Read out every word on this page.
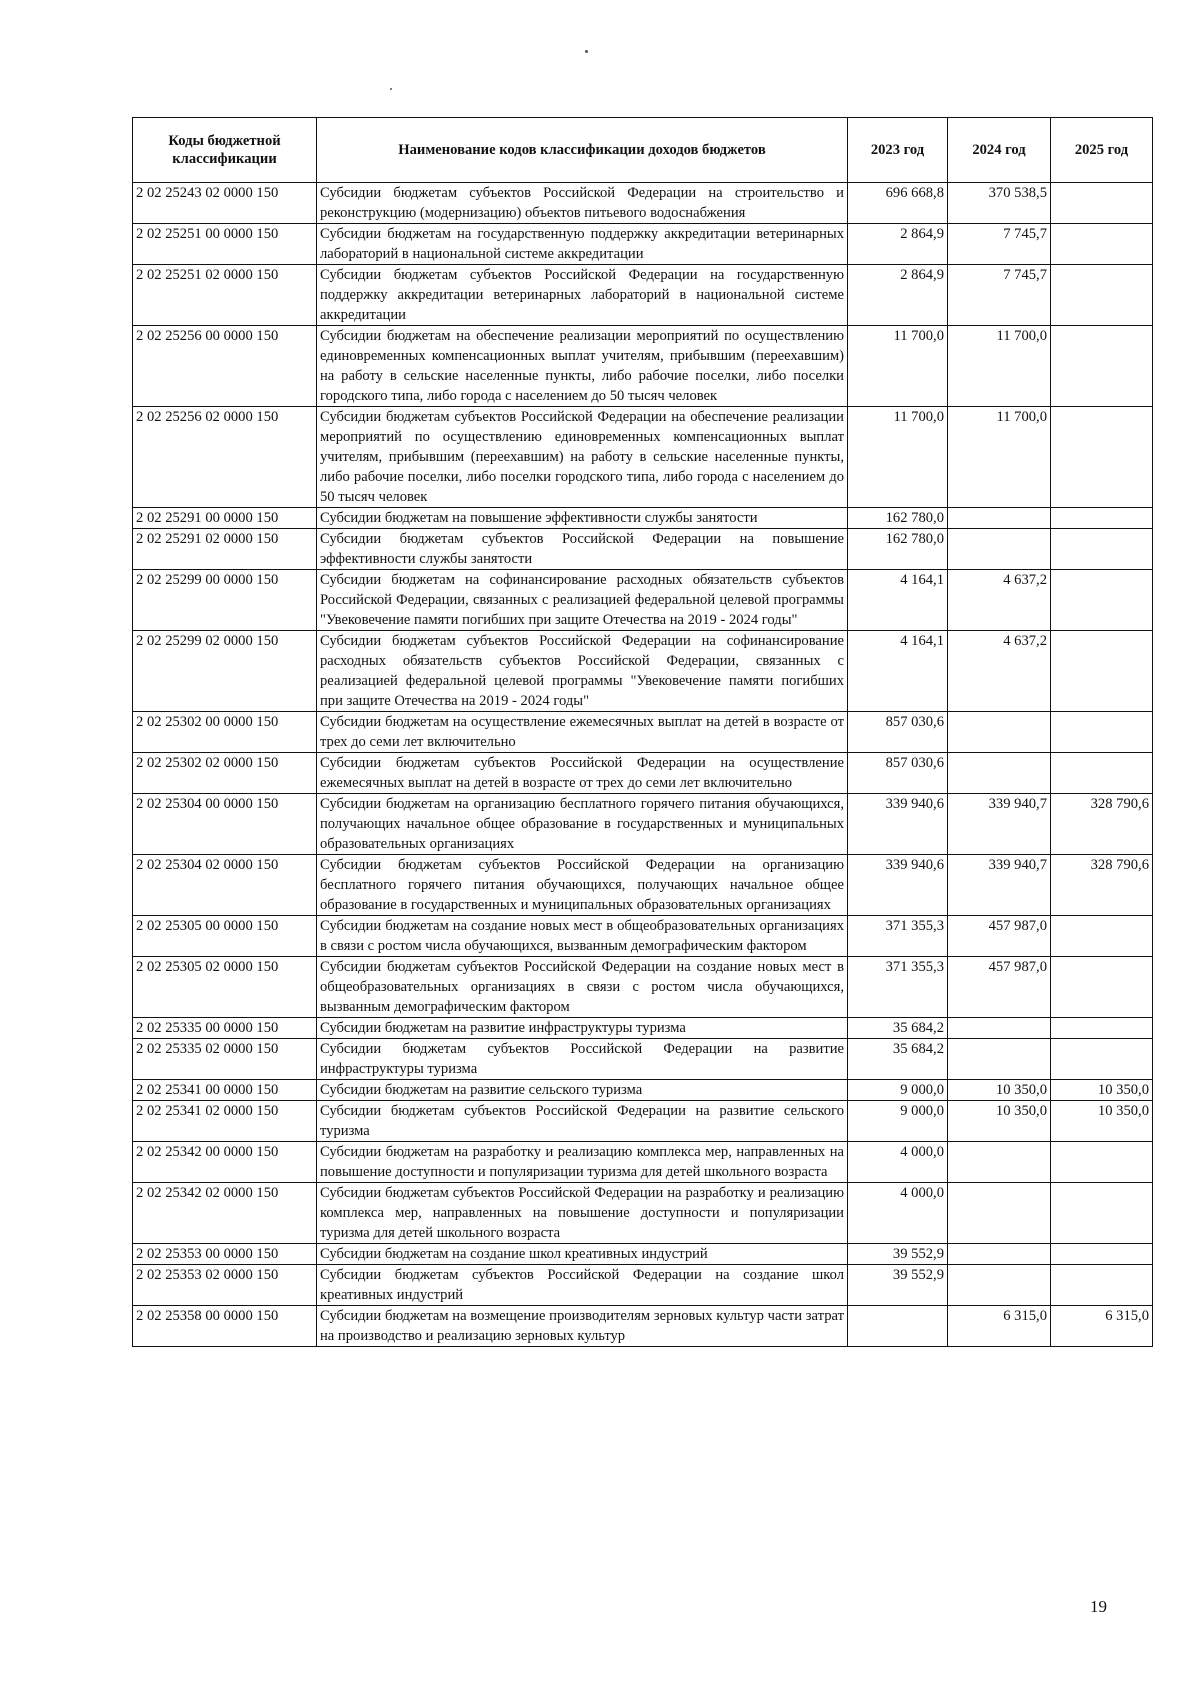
Коды бюджетной классификации	Наименование кодов классификации доходов бюджетов	2023 год	2024 год	2025 год
2 02 25243 02 0000 150	Субсидии бюджетам субъектов Российской Федерации на строительство и реконструкцию (модернизацию) объектов питьевого водоснабжения	696 668,8	370 538,5	
2 02 25251 00 0000 150	Субсидии бюджетам на государственную поддержку аккредитации ветеринарных лабораторий в национальной системе аккредитации	2 864,9	7 745,7	
2 02 25251 02 0000 150	Субсидии бюджетам субъектов Российской Федерации на государственную поддержку аккредитации ветеринарных лабораторий в национальной системе аккредитации	2 864,9	7 745,7	
2 02 25256 00 0000 150	Субсидии бюджетам на обеспечение реализации мероприятий по осуществлению единовременных компенсационных выплат учителям, прибывшим (переехавшим) на работу в сельские населенные пункты, либо рабочие поселки, либо поселки городского типа, либо города с населением до 50 тысяч человек	11 700,0	11 700,0	
2 02 25256 02 0000 150	Субсидии бюджетам субъектов Российской Федерации на обеспечение реализации мероприятий по осуществлению единовременных компенсационных выплат учителям, прибывшим (переехавшим) на работу в сельские населенные пункты, либо рабочие поселки, либо поселки городского типа, либо города с населением до 50 тысяч человек	11 700,0	11 700,0	
2 02 25291 00 0000 150	Субсидии бюджетам на повышение эффективности службы занятости	162 780,0		
2 02 25291 02 0000 150	Субсидии бюджетам субъектов Российской Федерации на повышение эффективности службы занятости	162 780,0		
2 02 25299 00 0000 150	Субсидии бюджетам на софинансирование расходных обязательств субъектов Российской Федерации, связанных с реализацией федеральной целевой программы "Увековечение памяти погибших при защите Отечества на 2019 - 2024 годы"	4 164,1	4 637,2	
2 02 25299 02 0000 150	Субсидии бюджетам субъектов Российской Федерации на софинансирование расходных обязательств субъектов Российской Федерации, связанных с реализацией федеральной целевой программы "Увековечение памяти погибших при защите Отечества на 2019 - 2024 годы"	4 164,1	4 637,2	
2 02 25302 00 0000 150	Субсидии бюджетам на осуществление ежемесячных выплат на детей в возрасте от трех до семи лет включительно	857 030,6		
2 02 25302 02 0000 150	Субсидии бюджетам субъектов Российской Федерации на осуществление ежемесячных выплат на детей в возрасте от трех до семи лет включительно	857 030,6		
2 02 25304 00 0000 150	Субсидии бюджетам на организацию бесплатного горячего питания обучающихся, получающих начальное общее образование в государственных и муниципальных образовательных организациях	339 940,6	339 940,7	328 790,6
2 02 25304 02 0000 150	Субсидии бюджетам субъектов Российской Федерации на организацию бесплатного горячего питания обучающихся, получающих начальное общее образование в государственных и муниципальных образовательных организациях	339 940,6	339 940,7	328 790,6
2 02 25305 00 0000 150	Субсидии бюджетам на создание новых мест в общеобразовательных организациях в связи с ростом числа обучающихся, вызванным демографическим фактором	371 355,3	457 987,0	
2 02 25305 02 0000 150	Субсидии бюджетам субъектов Российской Федерации на создание новых мест в общеобразовательных организациях в связи с ростом числа обучающихся, вызванным демографическим фактором	371 355,3	457 987,0	
2 02 25335 00 0000 150	Субсидии бюджетам на развитие инфраструктуры туризма	35 684,2		
2 02 25335 02 0000 150	Субсидии бюджетам субъектов Российской Федерации на развитие инфраструктуры туризма	35 684,2		
2 02 25341 00 0000 150	Субсидии бюджетам на развитие сельского туризма	9 000,0	10 350,0	10 350,0
2 02 25341 02 0000 150	Субсидии бюджетам субъектов Российской Федерации на развитие сельского туризма	9 000,0	10 350,0	10 350,0
2 02 25342 00 0000 150	Субсидии бюджетам на разработку и реализацию комплекса мер, направленных на повышение доступности и популяризации туризма для детей школьного возраста	4 000,0		
2 02 25342 02 0000 150	Субсидии бюджетам субъектов Российской Федерации на разработку и реализацию комплекса мер, направленных на повышение доступности и популяризации туризма для детей школьного возраста	4 000,0		
2 02 25353 00 0000 150	Субсидии бюджетам на создание школ креативных индустрий	39 552,9		
2 02 25353 02 0000 150	Субсидии бюджетам субъектов Российской Федерации на создание школ креативных индустрий	39 552,9		
2 02 25358 00 0000 150	Субсидии бюджетам на возмещение производителям зерновых культур части затрат на производство и реализацию зерновых культур		6 315,0	6 315,0
19
